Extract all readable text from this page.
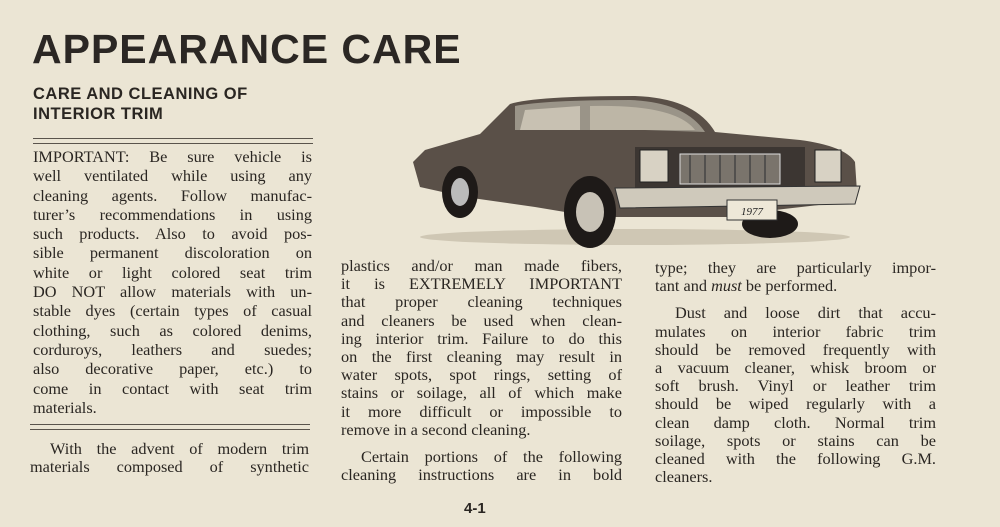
APPEARANCE CARE
CARE AND CLEANING OF
INTERIOR TRIM
IMPORTANT: Be sure vehicle is
well ventilated while using any
cleaning agents. Follow manufac-
turer’s recommendations in using
such products. Also to avoid pos-
sible permanent discoloration on
white or light colored seat trim
DO NOT allow materials with un-
stable dyes (certain types of casual
clothing, such as colored denims,
corduroys, leathers and suedes;
also decorative paper, etc.) to
come in contact with seat trim
materials.
With the advent of modern trim
materials composed of synthetic
plastics and/or man made fibers,
it is EXTREMELY IMPORTANT
that proper cleaning techniques
and cleaners be used when clean-
ing interior trim. Failure to do this
on the first cleaning may result in
water spots, spot rings, setting of
stains or soilage, all of which make
it more difficult or impossible to
remove in a second cleaning.
Certain portions of the following
cleaning instructions are in bold
type; they are particularly impor-
tant and must be performed.
Dust and loose dirt that accu-
mulates on interior fabric trim
should be removed frequently with
a vacuum cleaner, whisk broom or
soft brush. Vinyl or leather trim
should be wiped regularly with a
clean damp cloth. Normal trim
soilage, spots or stains can be
cleaned with the following G.M.
cleaners.
1977
4-1
